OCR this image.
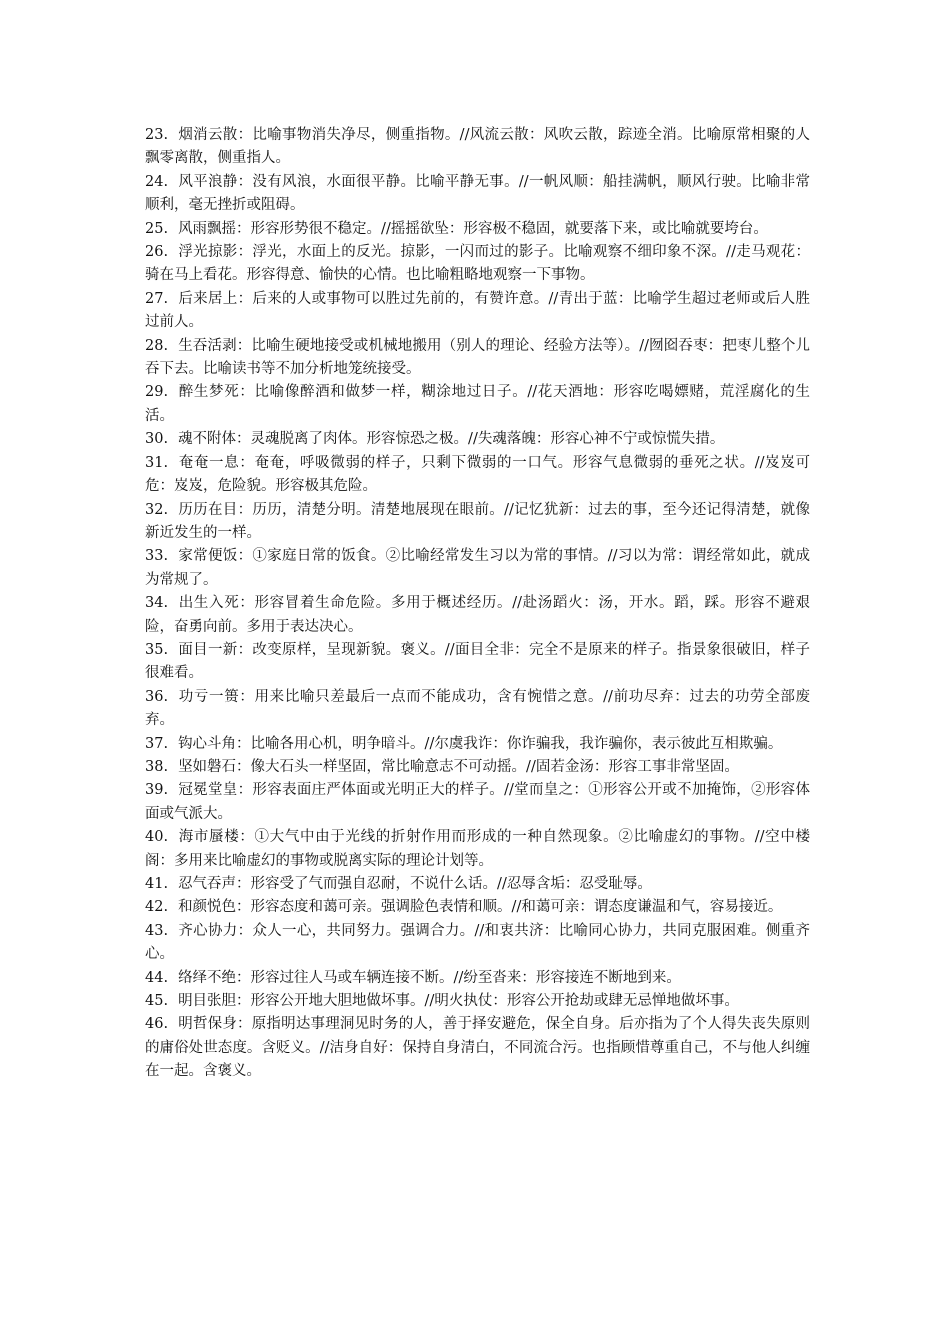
23. 烟消云散：比喻事物消失净尽，侧重指物。//风流云散：风吹云散，踪迹全消。比喻原常相聚的人飘零离散，侧重指人。
24. 风平浪静：没有风浪，水面很平静。比喻平静无事。//一帆风顺：船挂满帆，顺风行驶。比喻非常顺利，毫无挫折或阻碍。
25. 风雨飘摇：形容形势很不稳定。//摇摇欲坠：形容极不稳固，就要落下来，或比喻就要垮台。
26. 浮光掠影：浮光，水面上的反光。掠影，一闪而过的影子。比喻观察不细印象不深。//走马观花：骑在马上看花。形容得意、愉快的心情。也比喻粗略地观察一下事物。
27. 后来居上：后来的人或事物可以胜过先前的，有赞许意。//青出于蓝：比喻学生超过老师或后人胜过前人。
28. 生吞活剥：比喻生硬地接受或机械地搬用（别人的理论、经验方法等）。//囫囵吞枣：把枣儿整个儿吞下去。比喻读书等不加分析地笼统接受。
29. 醉生梦死：比喻像醉酒和做梦一样，糊涂地过日子。//花天酒地：形容吃喝嫖赌，荒淫腐化的生活。
30. 魂不附体：灵魂脱离了肉体。形容惊恐之极。//失魂落魄：形容心神不宁或惊慌失措。
31. 奄奄一息：奄奄，呼吸微弱的样子，只剩下微弱的一口气。形容气息微弱的垂死之状。//岌岌可危：岌岌，危险貌。形容极其危险。
32. 历历在目：历历，清楚分明。清楚地展现在眼前。//记忆犹新：过去的事，至今还记得清楚，就像新近发生的一样。
33. 家常便饭：①家庭日常的饭食。②比喻经常发生习以为常的事情。//习以为常：谓经常如此，就成为常规了。
34. 出生入死：形容冒着生命危险。多用于概述经历。//赴汤蹈火：汤，开水。蹈，踩。形容不避艰险，奋勇向前。多用于表达决心。
35. 面目一新：改变原样，呈现新貌。褒义。//面目全非：完全不是原来的样子。指景象很破旧，样子很难看。
36. 功亏一篑：用来比喻只差最后一点而不能成功，含有惋惜之意。//前功尽弃：过去的功劳全部废弃。
37. 钩心斗角：比喻各用心机，明争暗斗。//尔虞我诈：你诈骗我，我诈骗你，表示彼此互相欺骗。
38. 坚如磐石：像大石头一样坚固，常比喻意志不可动摇。//固若金汤：形容工事非常坚固。
39. 冠冕堂皇：形容表面庄严体面或光明正大的样子。//堂而皇之：①形容公开或不加掩饰，②形容体面或气派大。
40. 海市蜃楼：①大气中由于光线的折射作用而形成的一种自然现象。②比喻虚幻的事物。//空中楼阁：多用来比喻虚幻的事物或脱离实际的理论计划等。
41. 忍气吞声：形容受了气而强自忍耐，不说什么话。//忍辱含垢：忍受耻辱。
42. 和颜悦色：形容态度和蔼可亲。强调脸色表情和顺。//和蔼可亲：谓态度谦温和气，容易接近。
43. 齐心协力：众人一心，共同努力。强调合力。//和衷共济：比喻同心协力，共同克服困难。侧重齐心。
44. 络绎不绝：形容过往人马或车辆连接不断。//纷至沓来：形容接连不断地到来。
45. 明目张胆：形容公开地大胆地做坏事。//明火执仗：形容公开抢劫或肆无忌惮地做坏事。
46. 明哲保身：原指明达事理洞见时务的人，善于择安避危，保全自身。后亦指为了个人得失丧失原则的庸俗处世态度。含贬义。//洁身自好：保持自身清白，不同流合污。也指顾惜尊重自己，不与他人纠缠在一起。含褒义。
